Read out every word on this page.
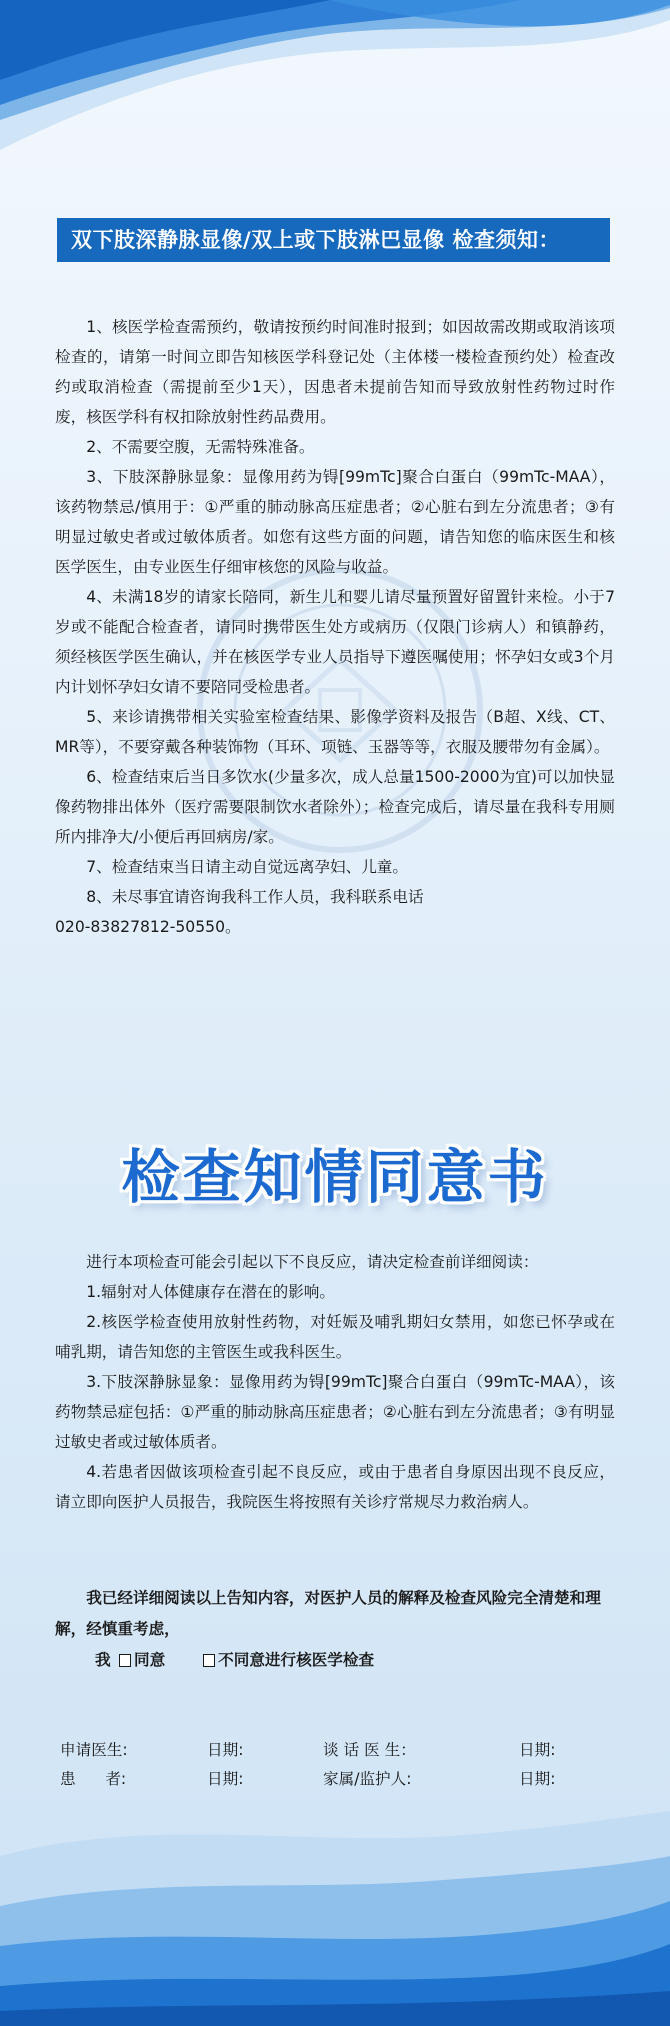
双下肢深静脉显像/双上或下肢淋巴显像 检查须知：

1、核医学检查需预约，敬请按预约时间准时报到；如因故需改期或取消该项检查的，请第一时间立即告知核医学科登记处（主体楼一楼检查预约处）检查改约或取消检查（需提前至少1天），因患者未提前告知而导致放射性药物过时作废，核医学科有权扣除放射性药品费用。

2、不需要空腹，无需特殊准备。

3、下肢深静脉显象：显像用药为锝[99mTc]聚合白蛋白（99mTc-MAA），该药物禁忌/慎用于：①严重的肺动脉高压症患者；②心脏右到左分流患者；③有明显过敏史者或过敏体质者。如您有这些方面的问题，请告知您的临床医生和核医学医生，由专业医生仔细审核您的风险与收益。

4、未满18岁的请家长陪同，新生儿和婴儿请尽量预置好留置针来检。小于7岁或不能配合检查者，请同时携带医生处方或病历（仅限门诊病人）和镇静药，须经核医学医生确认，并在核医学专业人员指导下遵医嘱使用；怀孕妇女或3个月内计划怀孕妇女请不要陪同受检患者。

5、来诊请携带相关实验室检查结果、影像学资料及报告（B超、X线、CT、MR等），不要穿戴各种装饰物（耳环、项链、玉器等等，衣服及腰带勿有金属）。

6、检查结束后当日多饮水(少量多次，成人总量1500-2000为宜)可以加快显像药物排出体外（医疗需要限制饮水者除外）；检查完成后，请尽量在我科专用厕所内排净大/小便后再回病房/家。

7、检查结束当日请主动自觉远离孕妇、儿童。

8、未尽事宜请咨询我科工作人员，我科联系电话

020-83827812-50550。

检查知情同意书

进行本项检查可能会引起以下不良反应，请决定检查前详细阅读：

1.辐射对人体健康存在潜在的影响。

2.核医学检查使用放射性药物，对妊娠及哺乳期妇女禁用，如您已怀孕或在哺乳期，请告知您的主管医生或我科医生。

3.下肢深静脉显象：显像用药为锝[99mTc]聚合白蛋白（99mTc-MAA），该药物禁忌症包括：①严重的肺动脉高压症患者；②心脏右到左分流患者；③有明显过敏史者或过敏体质者。

4.若患者因做该项检查引起不良反应，或由于患者自身原因出现不良反应，请立即向医护人员报告，我院医生将按照有关诊疗常规尽力救治病人。

我已经详细阅读以上告知内容，对医护人员的解释及检查风险完全清楚和理解，经慎重考虑，

我 同意	不同意进行核医学检查

申请医生:	日期:	谈 话 医 生：	日期:
患      者:	日期:	家属/监护人:	日期:
